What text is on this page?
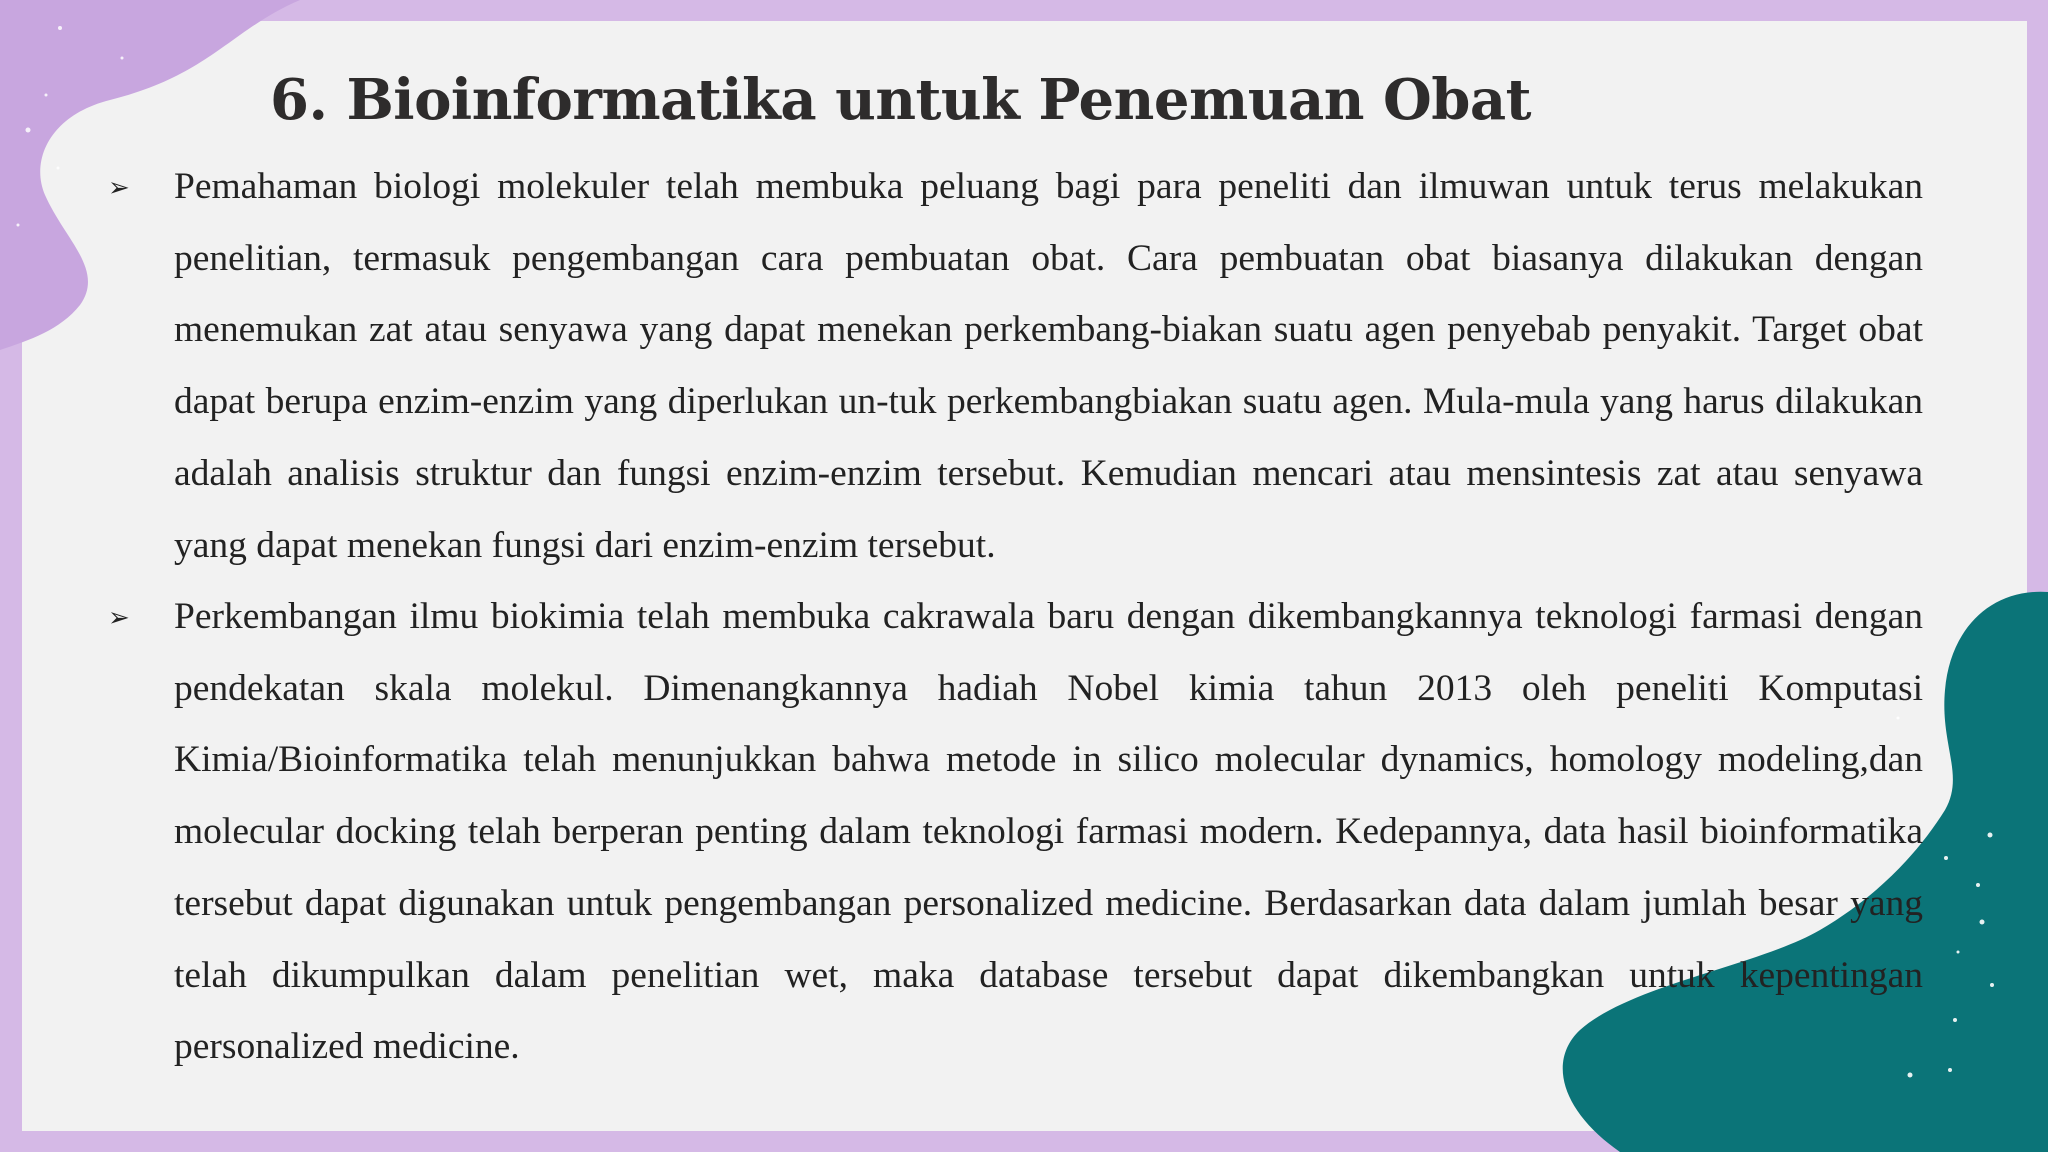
6. Bioinformatika untuk Penemuan Obat
➢ Pemahaman biologi molekuler telah membuka peluang bagi para peneliti dan ilmuwan untuk terus melakukan penelitian, termasuk pengembangan cara pembuatan obat. Cara pembuatan obat biasanya dilakukan dengan menemukan zat atau senyawa yang dapat menekan perkembang-biakan suatu agen penyebab penyakit. Target obat dapat berupa enzim-enzim yang diperlukan un-tuk perkembangbiakan suatu agen. Mula-mula yang harus dilakukan adalah analisis struktur dan fungsi enzim-enzim tersebut. Kemudian mencari atau mensintesis zat atau senyawa yang dapat menekan fungsi dari enzim-enzim tersebut.
➢ Perkembangan ilmu biokimia telah membuka cakrawala baru dengan dikembangkannya teknologi farmasi dengan pendekatan skala molekul. Dimenangkannya hadiah Nobel kimia tahun 2013 oleh peneliti Komputasi Kimia/Bioinformatika telah menunjukkan bahwa metode in silico molecular dynamics, homology modeling,dan molecular docking telah berperan penting dalam teknologi farmasi modern. Kedepannya, data hasil bioinformatika tersebut dapat digunakan untuk pengembangan personalized medicine. Berdasarkan data dalam jumlah besar yang telah dikumpulkan dalam penelitian wet, maka database tersebut dapat dikembangkan untuk kepentingan personalized medicine.
